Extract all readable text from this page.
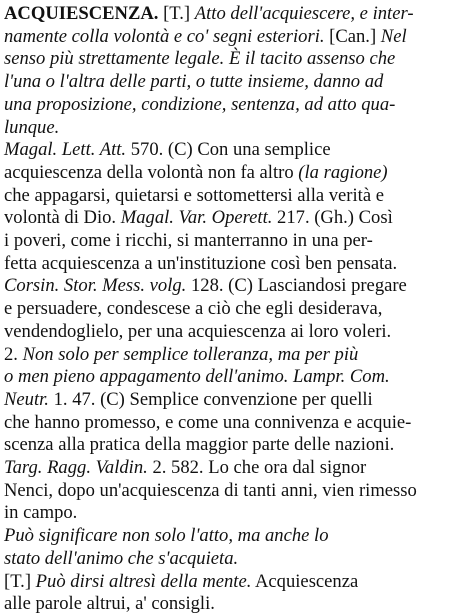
ACQUIESCENZA. [T.] Atto dell'acquiescere, e inter-
namente colla volontà e co' segni esteriori. [Can.] Nel
senso più strettamente legale. È il tacito assenso che
l'una o l'altra delle parti, o tutte insieme, danno ad
una proposizione, condizione, sentenza, ad atto qua-
lunque.
Magal. Lett. Att. 570. (C) Con una semplice
acquiescenza della volontà non fa altro (la ragione)
che appagarsi, quietarsi e sottomettersi alla verità e
volontà di Dio. Magal. Var. Operett. 217. (Gh.) Così
i poveri, come i ricchi, si manterranno in una per-
fetta acquiescenza a un'instituzione così ben pensata.
Corsin. Stor. Mess. volg. 128. (C) Lasciandosi pregare
e persuadere, condescese a ciò che egli desiderava,
vendendoglielo, per una acquiescenza ai loro voleri.
2. Non solo per semplice tolleranza, ma per più
o men pieno appagamento dell'animo. Lampr. Com.
Neutr. 1. 47. (C) Semplice convenzione per quelli
che hanno promesso, e come una connivenza e acquie-
scenza alla pratica della maggior parte delle nazioni.
Targ. Ragg. Valdin. 2. 582. Lo che ora dal signor
Nenci, dopo un'acquiescenza di tanti anni, vien rimesso
in campo.
Può significare non solo l'atto, ma anche lo
stato dell'animo che s'acquieta.
[T.] Può dirsi altresì della mente. Acquiescenza
alle parole altrui, a' consigli.
